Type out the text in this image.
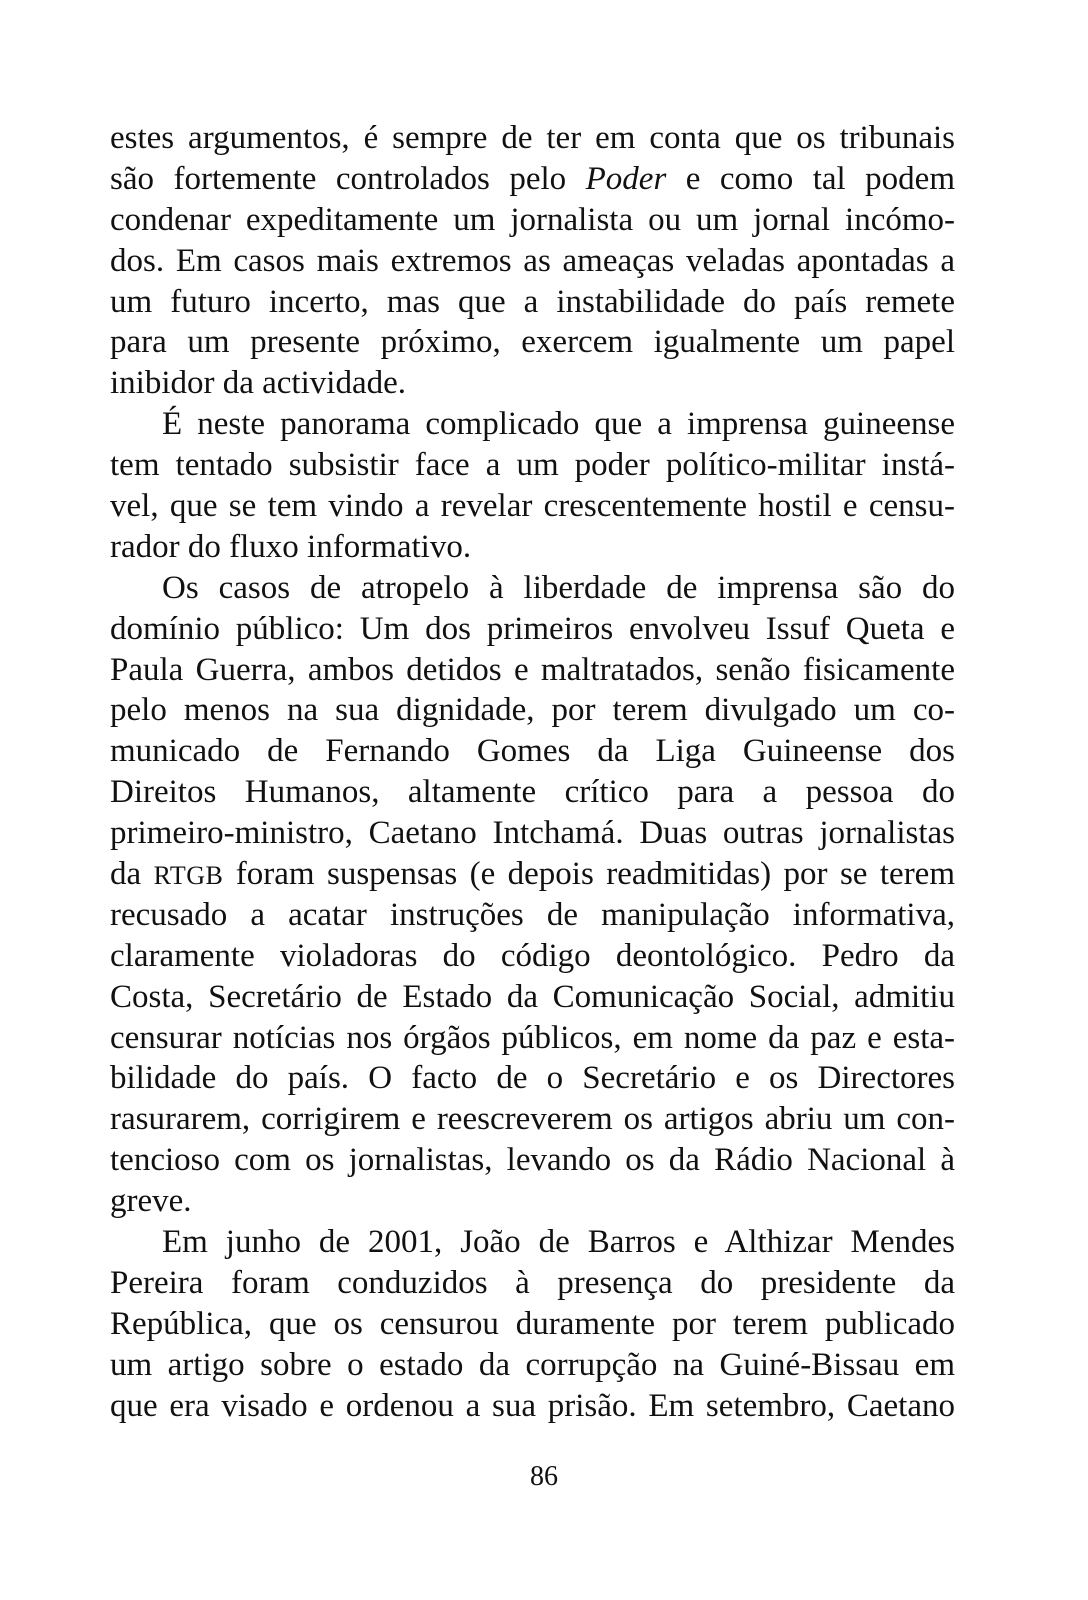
estes argumentos, é sempre de ter em conta que os tribunais
são fortemente controlados pelo Poder e como tal podem
condenar expeditamente um jornalista ou um jornal incómo-
dos. Em casos mais extremos as ameaças veladas apontadas a
um futuro incerto, mas que a instabilidade do país remete
para um presente próximo, exercem igualmente um papel
inibidor da actividade.
É neste panorama complicado que a imprensa guineense
tem tentado subsistir face a um poder político-militar instá-
vel, que se tem vindo a revelar crescentemente hostil e censu-
rador do fluxo informativo.
Os casos de atropelo à liberdade de imprensa são do
domínio público: Um dos primeiros envolveu Issuf Queta e
Paula Guerra, ambos detidos e maltratados, senão fisicamente
pelo menos na sua dignidade, por terem divulgado um co-
municado de Fernando Gomes da Liga Guineense dos
Direitos Humanos, altamente crítico para a pessoa do
primeiro-ministro, Caetano Intchamá. Duas outras jornalistas
da RTGB foram suspensas (e depois readmitidas) por se terem
recusado a acatar instruções de manipulação informativa,
claramente violadoras do código deontológico. Pedro da
Costa, Secretário de Estado da Comunicação Social, admitiu
censurar notícias nos órgãos públicos, em nome da paz e esta-
bilidade do país. O facto de o Secretário e os Directores
rasurarem, corrigirem e reescreverem os artigos abriu um con-
tencioso com os jornalistas, levando os da Rádio Nacional à
greve.
Em junho de 2001, João de Barros e Althizar Mendes
Pereira foram conduzidos à presença do presidente da
República, que os censurou duramente por terem publicado
um artigo sobre o estado da corrupção na Guiné-Bissau em
que era visado e ordenou a sua prisão. Em setembro, Caetano
86
